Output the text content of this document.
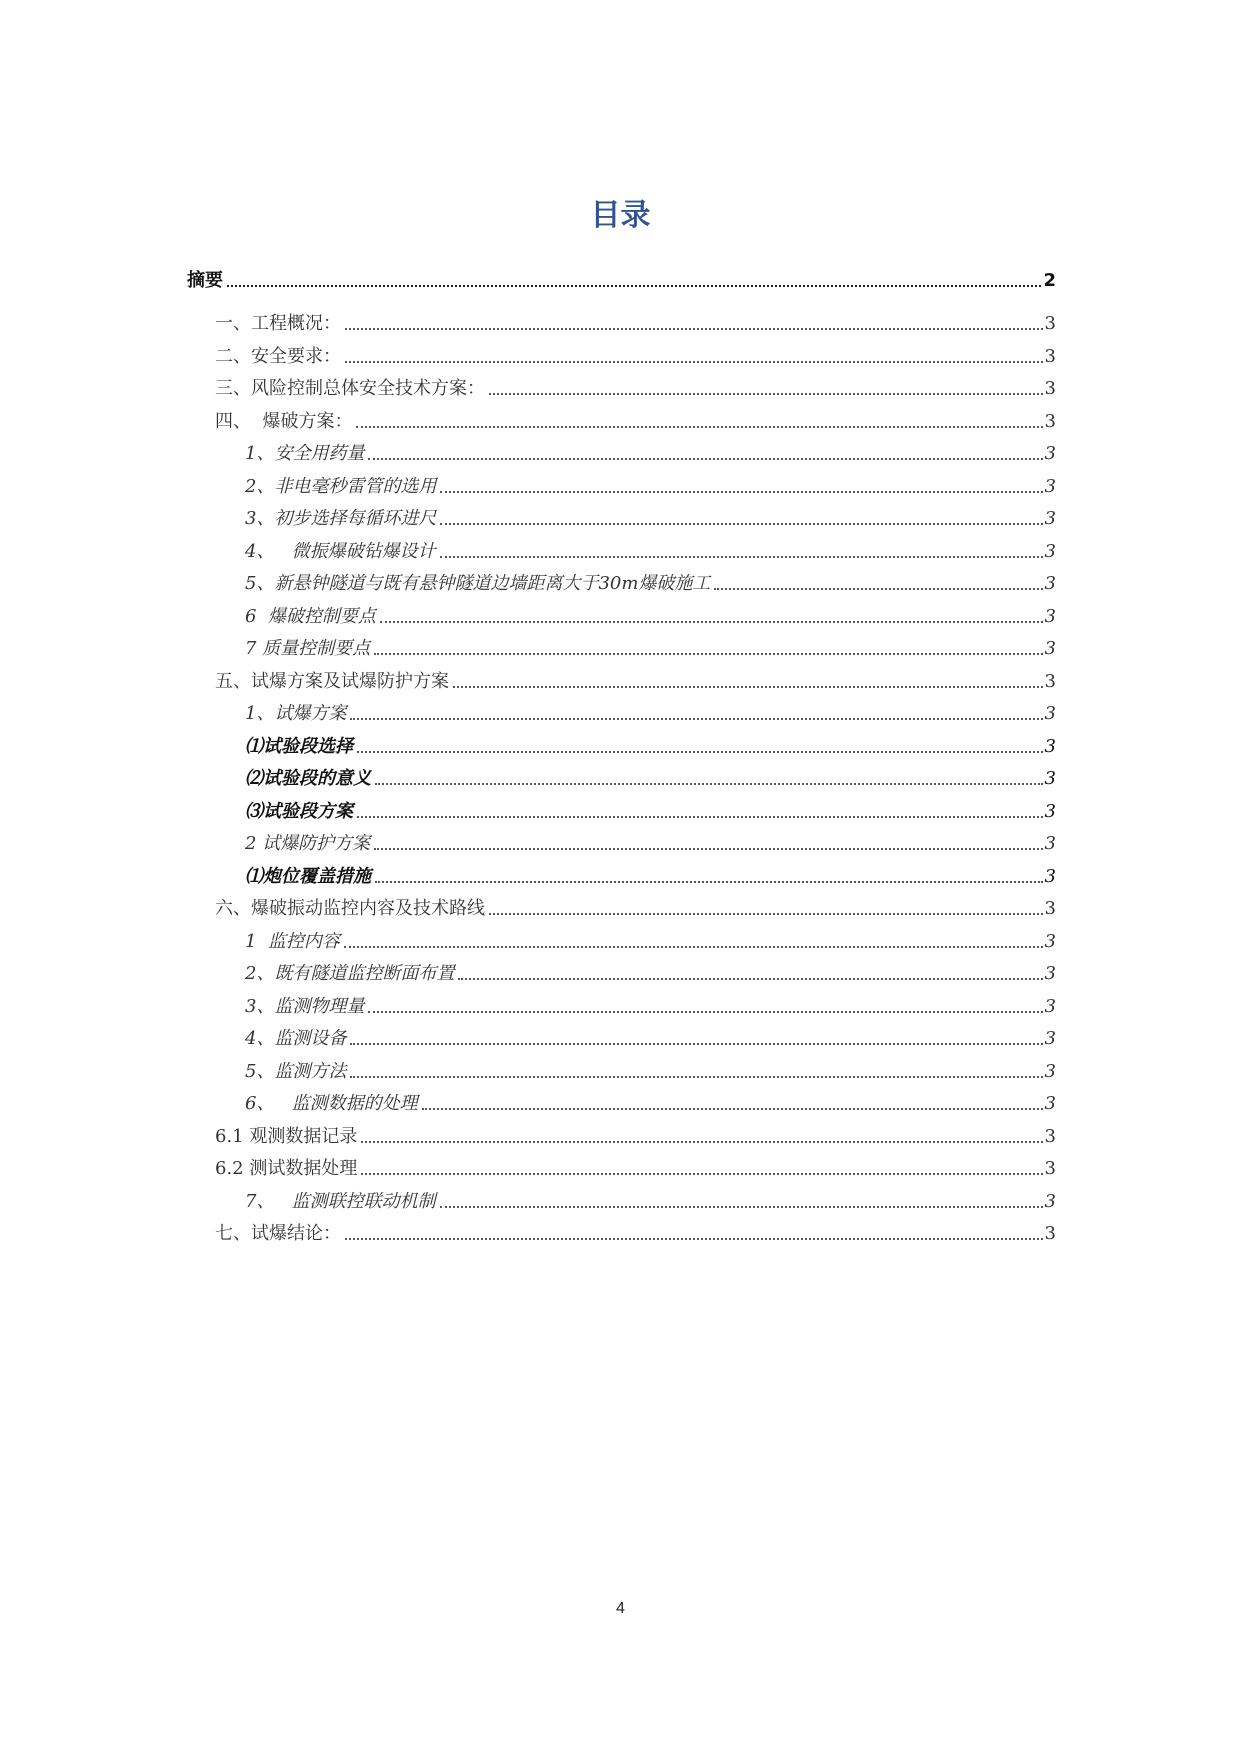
目录
摘要	2
一、工程概况：	3
二、安全要求：	3
三、风险控制总体安全技术方案：	3
四、  爆破方案：	3
1、安全用药量	3
2、非电毫秒雷管的选用	3
3、初步选择每循环进尺	3
4、   微振爆破钻爆设计	3
5、新悬钟隧道与既有悬钟隧道边墙距离大于30m爆破施工	3
6  爆破控制要点	3
7 质量控制要点	3
五、试爆方案及试爆防护方案	3
1、试爆方案	3
⑴试验段选择	3
⑵试验段的意义	3
⑶试验段方案	3
2 试爆防护方案	3
⑴炮位覆盖措施	3
六、爆破振动监控内容及技术路线	3
1  监控内容	3
2、既有隧道监控断面布置	3
3、监测物理量	3
4、监测设备	3
5、监测方法	3
6、   监测数据的处理	3
6.1 观测数据记录	3
6.2 测试数据处理	3
7、   监测联控联动机制	3
七、试爆结论：	3
4
